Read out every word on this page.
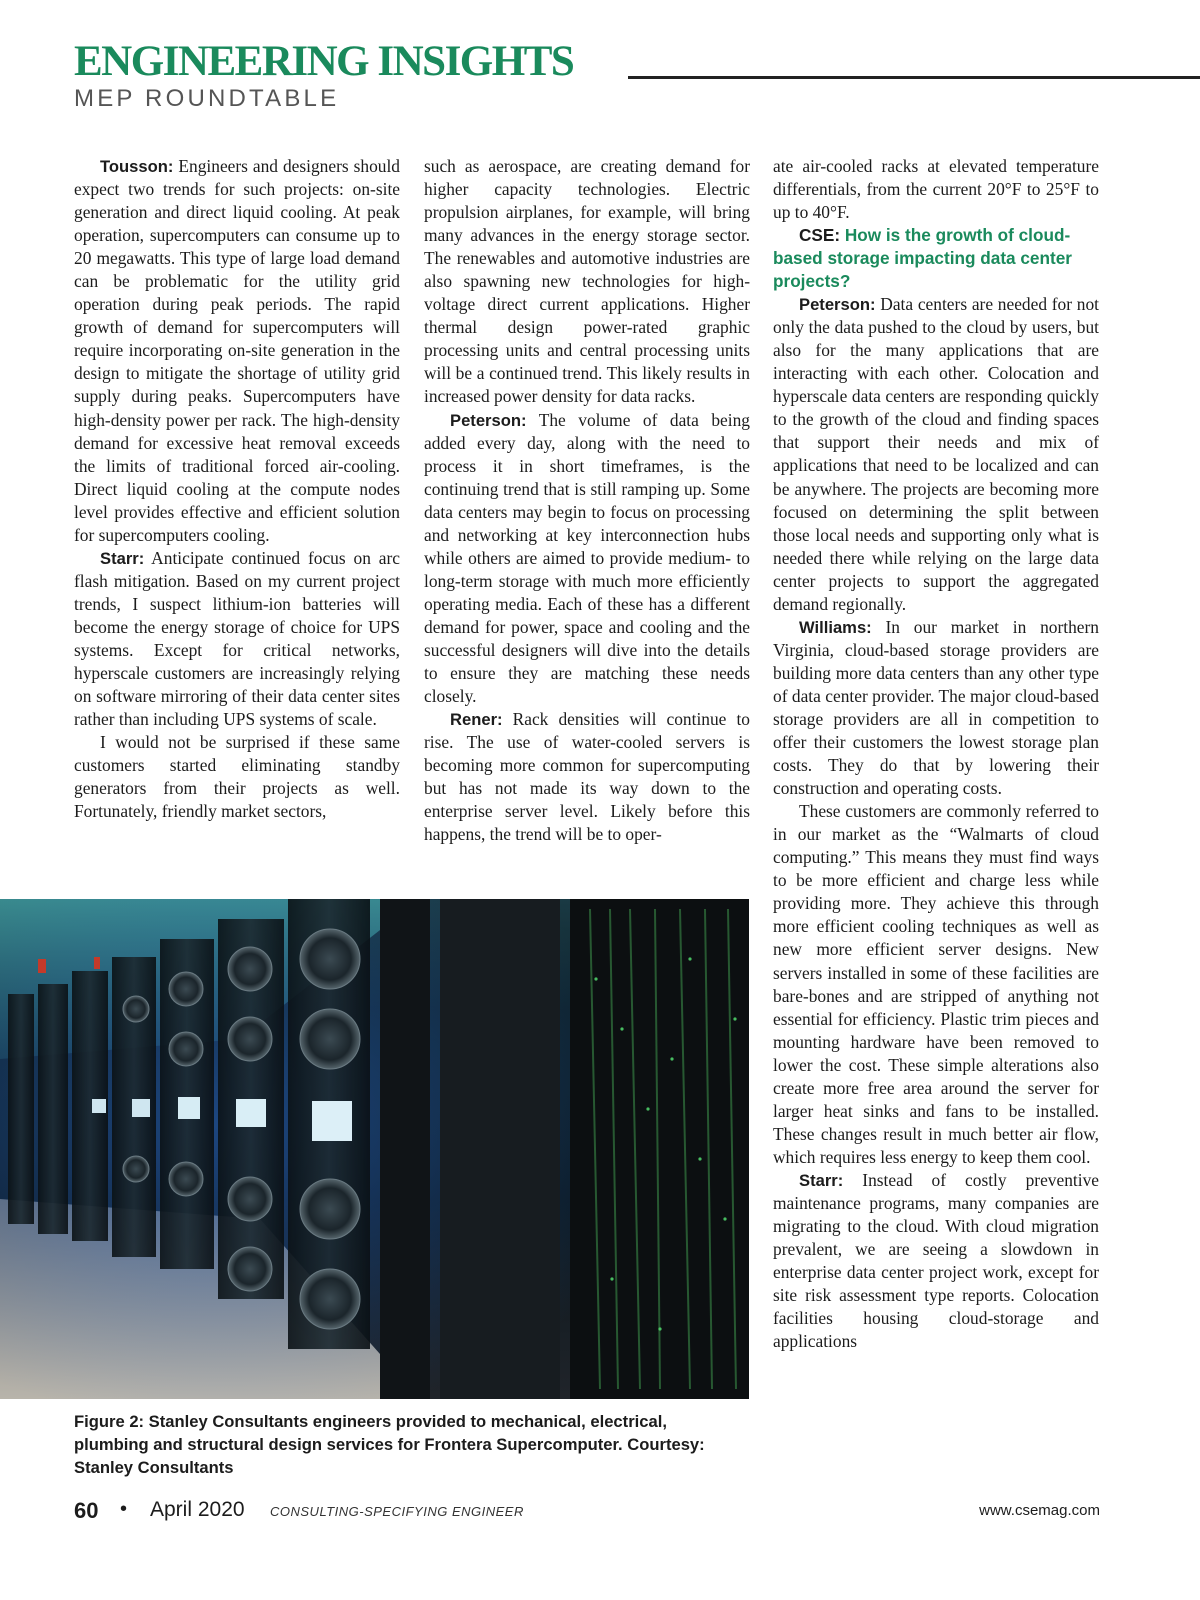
ENGINEERING INSIGHTS
MEP ROUNDTABLE

Tousson: Engineers and designers should expect two trends for such projects: on-site generation and direct liquid cooling. At peak operation, supercomputers can consume up to 20 megawatts. This type of large load demand can be problematic for the utility grid operation during peak periods. The rapid growth of demand for supercomputers will require incorporating on-site generation in the design to mitigate the shortage of utility grid supply during peaks. Supercomputers have high-density power per rack. The high-density demand for excessive heat removal exceeds the limits of traditional forced air-cooling. Direct liquid cooling at the compute nodes level provides effective and efficient solution for supercomputers cooling.

Starr: Anticipate continued focus on arc flash mitigation. Based on my current project trends, I suspect lithium-ion batteries will become the energy storage of choice for UPS systems. Except for critical networks, hyperscale customers are increasingly relying on software mirroring of their data center sites rather than including UPS systems of scale.

I would not be surprised if these same customers started eliminating standby generators from their projects as well. Fortunately, friendly market sectors,

such as aerospace, are creating demand for higher capacity technologies. Electric propulsion airplanes, for example, will bring many advances in the energy storage sector. The renewables and automotive industries are also spawning new technologies for high-voltage direct current applications. Higher thermal design power-rated graphic processing units and central processing units will be a continued trend. This likely results in increased power density for data racks.

Peterson: The volume of data being added every day, along with the need to process it in short timeframes, is the continuing trend that is still ramping up. Some data centers may begin to focus on processing and networking at key interconnection hubs while others are aimed to provide medium- to long-term storage with much more efficiently operating media. Each of these has a different demand for power, space and cooling and the successful designers will dive into the details to ensure they are matching these needs closely.

Rener: Rack densities will continue to rise. The use of water-cooled servers is becoming more common for supercomputing but has not made its way down to the enterprise server level. Likely before this happens, the trend will be to oper-

ate air-cooled racks at elevated temperature differentials, from the current 20°F to 25°F to up to 40°F.

CSE: How is the growth of cloud-based storage impacting data center projects?

Peterson: Data centers are needed for not only the data pushed to the cloud by users, but also for the many applications that are interacting with each other. Colocation and hyperscale data centers are responding quickly to the growth of the cloud and finding spaces that support their needs and mix of applications that need to be localized and can be anywhere. The projects are becoming more focused on determining the split between those local needs and supporting only what is needed there while relying on the large data center projects to support the aggregated demand regionally.

Williams: In our market in northern Virginia, cloud-based storage providers are building more data centers than any other type of data center provider. The major cloud-based storage providers are all in competition to offer their customers the lowest storage plan costs. They do that by lowering their construction and operating costs.

These customers are commonly referred to in our market as the “Walmarts of cloud computing.” This means they must find ways to be more efficient and charge less while providing more. They achieve this through more efficient cooling techniques as well as new more efficient server designs. New servers installed in some of these facilities are bare-bones and are stripped of anything not essential for efficiency. Plastic trim pieces and mounting hardware have been removed to lower the cost. These simple alterations also create more free area around the server for larger heat sinks and fans to be installed. These changes result in much better air flow, which requires less energy to keep them cool.

Starr: Instead of costly preventive maintenance programs, many companies are migrating to the cloud. With cloud migration prevalent, we are seeing a slowdown in enterprise data center project work, except for site risk assessment type reports. Colocation facilities housing cloud-storage and applications

Figure 2: Stanley Consultants engineers provided to mechanical, electrical, plumbing and structural design services for Frontera Supercomputer. Courtesy: Stanley Consultants
60 • April 2020 CONSULTING-SPECIFYING ENGINEER	www.csemag.com
